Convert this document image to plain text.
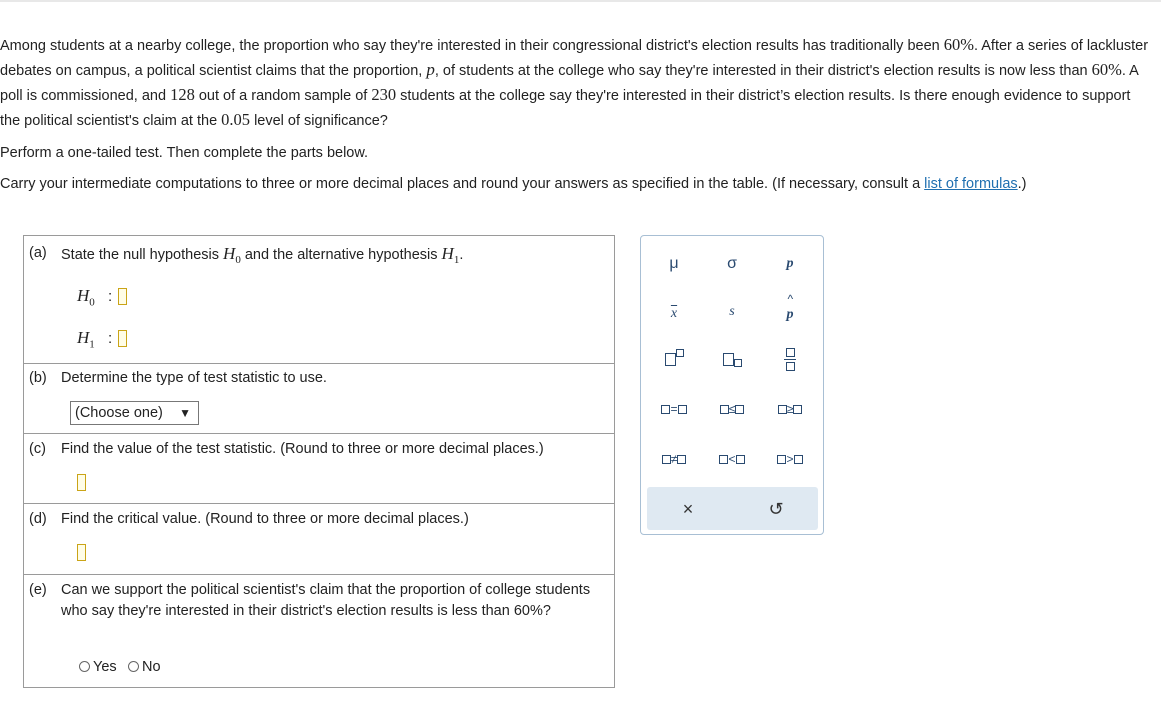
Among students at a nearby college, the proportion who say they're interested in their congressional district's election results has traditionally been 60%. After a series of lackluster debates on campus, a political scientist claims that the proportion, p, of students at the college who say they're interested in their district's election results is now less than 60%. A poll is commissioned, and 128 out of a random sample of 230 students at the college say they're interested in their district’s election results. Is there enough evidence to support the political scientist's claim at the 0.05 level of significance?
Perform a one-tailed test. Then complete the parts below.
Carry your intermediate computations to three or more decimal places and round your answers as specified in the table. (If necessary, consult a list of formulas.)
(a) State the null hypothesis $H_0$ and the alternative hypothesis $H_1$.
$H_0$ :
$H_1$ :
(b) Determine the type of test statistic to use.
(Choose one) ▼
(c) Find the value of the test statistic. (Round to three or more decimal places.)
(d) Find the critical value. (Round to three or more decimal places.)
(e) Can we support the political scientist's claim that the proportion of college students who say they're interested in their district's election results is less than 60%?
Yes	No
μ	σ	p
$\overline{x}$	s
^
p
=	≤	≥
≠	<	>
×	↺
